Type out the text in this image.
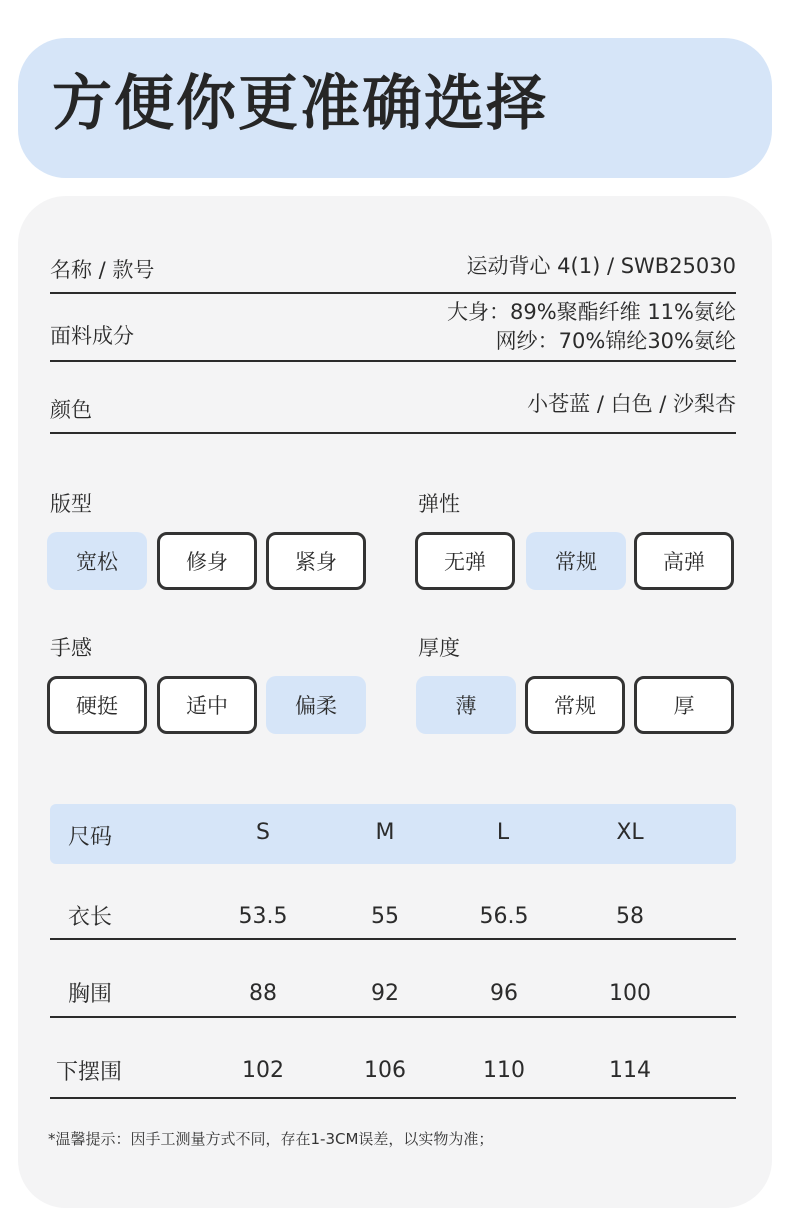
方便你更准确选择
名称 / 款号	运动背心 4(1) / SWB25030
面料成分
大身：89%聚酯纤维 11%氨纶
网纱：70%锦纶30%氨纶
颜色	小苍蓝 / 白色 / 沙梨杏
版型
宽松	修身	紧身
弹性
无弹	常规	高弹
手感
硬挺	适中	偏柔
厚度
薄	常规	厚
尺码	S	M	L	XL
衣长	53.5	55	56.5	58
胸围	88	92	96	100
下摆围	102	106	110	114
*温馨提示：因手工测量方式不同，存在1-3CM误差，以实物为准；
